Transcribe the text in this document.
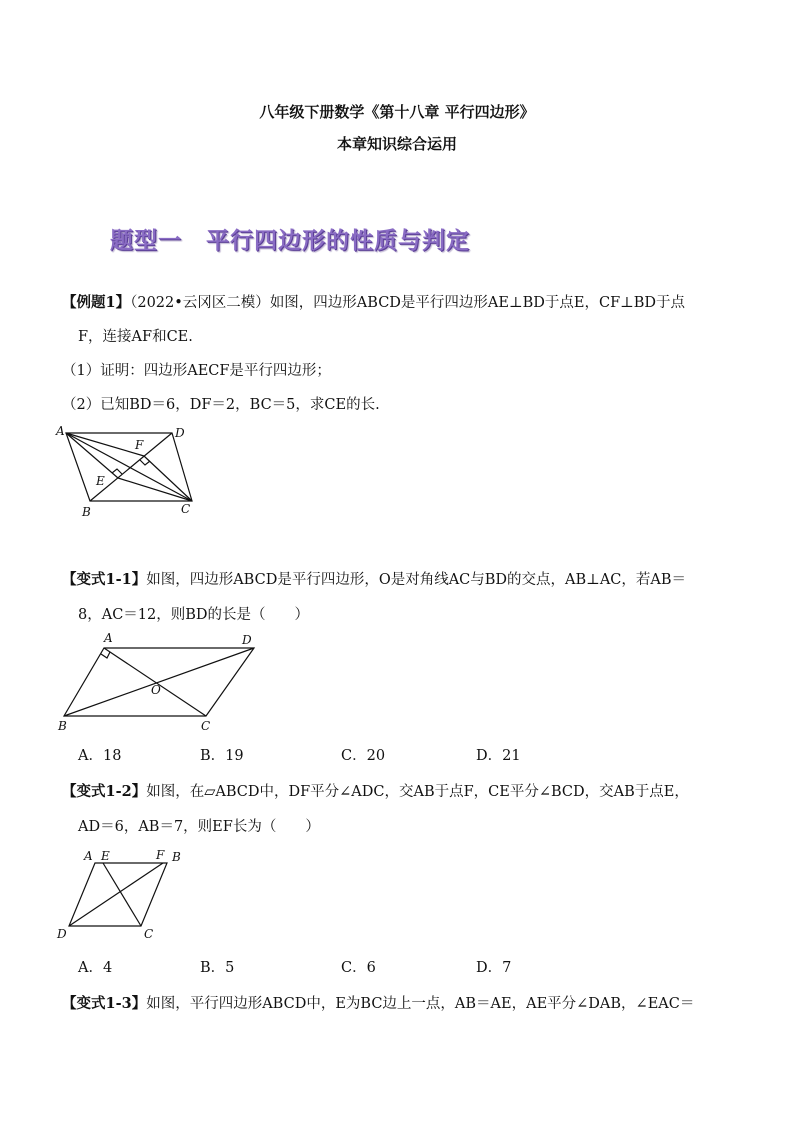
八年级下册数学《第十八章 平行四边形》
本章知识综合运用
题型一　平行四边形的性质与判定
【例题1】（2022•云冈区二模）如图，四边形ABCD是平行四边形AE⊥BD于点E，CF⊥BD于点
F，连接AF和CE.
（1）证明：四边形AECF是平行四边形；
（2）已知BD＝6，DF＝2，BC＝5，求CE的长.
A	D
B	C
F
E
【变式1-1】如图，四边形ABCD是平行四边形，O是对角线AC与BD的交点，AB⊥AC，若AB＝
8，AC＝12，则BD的长是（　　）
A	D
B	C
O
A．18	B．19	C．20	D．21
【变式1-2】如图，在▱ABCD中，DF平分∠ADC，交AB于点F，CE平分∠BCD，交AB于点E，
AD＝6，AB＝7，则EF长为（　　）
A E	F B
D	C
A．4	B．5	C．6	D．7
【变式1-3】如图，平行四边形ABCD中，E为BC边上一点，AB＝AE，AE平分∠DAB，∠EAC＝
